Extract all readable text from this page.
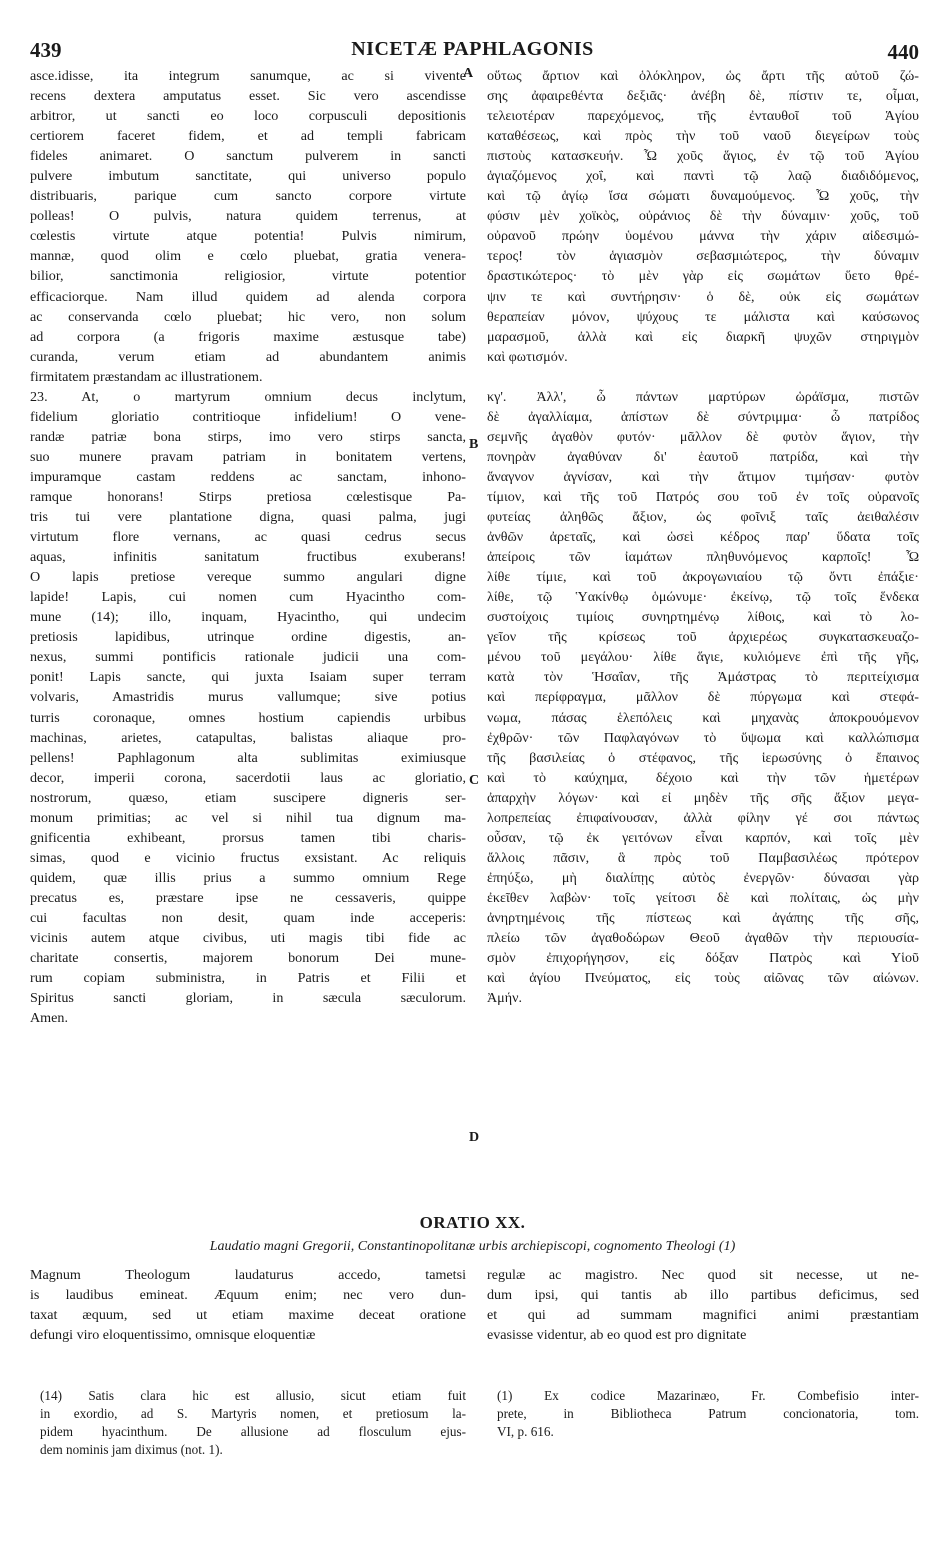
439	NICETÆ PAPHLAGONIS	440
A
B
C
D
asce.idisse, ita integrum sanumque, ac si vivente
recens dextera amputatus esset. Sic vero ascendisse
arbitror, ut sancti eo loco corpusculi depositionis
certiorem faceret fidem, et ad templi fabricam
fideles animaret. O sanctum pulverem in sancti
pulvere imbutum sanctitate, qui universo populo
distribuaris, parique cum sancto corpore virtute
polleas! O pulvis, natura quidem terrenus, at
cœlestis virtute atque potentia! Pulvis nimirum,
mannæ, quod olim e cœlo pluebat, gratia venera-
bilior, sanctimonia religiosior, virtute potentior
efficaciorque. Nam illud quidem ad alenda corpora
ac conservanda cœlo pluebat; hic vero, non solum
ad corpora (a frigoris maxime æstusque tabe)
curanda, verum etiam ad abundantem animis
firmitatem præstandam ac illustrationem.
23. At, o martyrum omnium decus inclytum,
fidelium gloriatio contritioque infidelium! O vene-
randæ patriæ bona stirps, imo vero stirps sancta,
suo munere pravam patriam in bonitatem vertens,
impuramque castam reddens ac sanctam, inhono-
ramque honorans! Stirps pretiosa cœlestisque Pa-
tris tui vere plantatione digna, quasi palma, jugi
virtutum flore vernans, ac quasi cedrus secus
aquas, infinitis sanitatum fructibus exuberans!
O lapis pretiose vereque summo angulari digne
lapide! Lapis, cui nomen cum Hyacintho com-
mune (14); illo, inquam, Hyacintho, qui undecim
pretiosis lapidibus, utrinque ordine digestis, an-
nexus, summi pontificis rationale judicii una com-
ponit! Lapis sancte, qui juxta Isaiam super terram
volvaris, Amastridis murus vallumque; sive potius
turris coronaque, omnes hostium capiendis urbibus
machinas, arietes, catapultas, balistas aliaque pro-
pellens! Paphlagonum alta sublimitas eximiusque
decor, imperii corona, sacerdotii laus ac gloriatio,
nostrorum, quæso, etiam suscipere digneris ser-
monum primitias; ac vel si nihil tua dignum ma-
gnificentia exhibeant, prorsus tamen tibi charis-
simas, quod e vicinio fructus exsistant. Ac reliquis
quidem, quæ illis prius a summo omnium Rege
precatus es, præstare ipse ne cessaveris, quippe
cui facultas non desit, quam inde acceperis:
vicinis autem atque civibus, uti magis tibi fide ac
charitate consertis, majorem bonorum Dei mune-
rum copiam subministra, in Patris et Filii et
Spiritus sancti gloriam, in sæcula sæculorum.
Amen.
οὕτως ἄρτιον καὶ ὁλόκληρον, ὡς ἄρτι τῆς αὐτοῦ ζώ-
σης ἀφαιρεθέντα δεξιᾶς· ἀνέβη δὲ, πίστιν τε, οἶμαι,
τελειοτέραν παρεχόμενος, τῆς ἐνταυθοῖ τοῦ Ἁγίου
καταθέσεως, καὶ πρὸς τὴν τοῦ ναοῦ διεγείρων τοὺς
πιστοὺς κατασκευήν. Ὦ χοῦς ἅγιος, ἐν τῷ τοῦ Ἁγίου
ἁγιαζόμενος χοΐ, καὶ παντὶ τῷ λαῷ διαδιδόμενος,
καὶ τῷ ἁγίῳ ἴσα σώματι δυναμούμενος. Ὦ χοῦς, τὴν
φύσιν μὲν χοϊκὸς, οὐράνιος δὲ τὴν δύναμιν· χοῦς, τοῦ
οὐρανοῦ πρώην ὑομένου μάννα τὴν χάριν αἰδεσιμώ-
τερος! τὸν ἁγιασμὸν σεβασμιώτερος, τὴν δύναμιν
δραστικώτερος· τὸ μὲν γὰρ εἰς σωμάτων ὕετο θρέ-
ψιν τε καὶ συντήρησιν· ὁ δὲ, οὐκ εἰς σωμάτων
θεραπείαν μόνον, ψύχους τε μάλιστα καὶ καύσωνος
μαρασμοῦ, ἀλλὰ καὶ εἰς διαρκῆ ψυχῶν στηριγμὸν
καὶ φωτισμόν.

κγ'. Ἀλλ', ὦ πάντων μαρτύρων ὡράϊσμα, πιστῶν
δὲ ἀγαλλίαμα, ἀπίστων δὲ σύντριμμα· ὦ πατρίδος
σεμνῆς ἀγαθὸν φυτόν· μᾶλλον δὲ φυτὸν ἅγιον, τὴν
πονηρὰν ἀγαθύναν δι' ἑαυτοῦ πατρίδα, καὶ τὴν
ἄναγνον ἁγνίσαν, καὶ τὴν ἄτιμον τιμήσαν· φυτὸν
τίμιον, καὶ τῆς τοῦ Πατρός σου τοῦ ἐν τοῖς οὐρανοῖς
φυτείας ἀληθῶς ἄξιον, ὡς φοῖνιξ ταῖς ἀειθαλέσιν
ἀνθῶν ἀρεταῖς, καὶ ὡσεὶ κέδρος παρ' ὕδατα τοῖς
ἀπείροις τῶν ἰαμάτων πληθυνόμενος καρποῖς! Ὦ
λίθε τίμιε, καὶ τοῦ ἀκρογωνιαίου τῷ ὄντι ἐπάξιε·
λίθε, τῷ Ὑακίνθῳ ὁμώνυμε· ἐκείνῳ, τῷ τοῖς ἕνδεκα
συστοίχοις τιμίοις συνηρτημένῳ λίθοις, καὶ τὸ λο-
γεῖον τῆς κρίσεως τοῦ ἀρχιερέως συγκατασκευαζο-
μένου τοῦ μεγάλου· λίθε ἅγιε, κυλιόμενε ἐπὶ τῆς γῆς,
κατὰ τὸν Ἡσαΐαν, τῆς Ἀμάστρας τὸ περιτείχισμα
καὶ περίφραγμα, μᾶλλον δὲ πύργωμα καὶ στεφά-
νωμα, πάσας ἑλεπόλεις καὶ μηχανὰς ἀποκρουόμενον
ἐχθρῶν· τῶν Παφλαγόνων τὸ ὕψωμα καὶ καλλώπισμα
τῆς βασιλείας ὁ στέφανος, τῆς ἱερωσύνης ὁ ἔπαινος
καὶ τὸ καύχημα, δέχοιο καὶ τὴν τῶν ἡμετέρων
ἀπαρχὴν λόγων· καὶ εἰ μηδὲν τῆς σῆς ἄξιον μεγα-
λοπρεπείας ἐπιφαίνουσαν, ἀλλὰ φίλην γέ σοι πάντως
οὖσαν, τῷ ἐκ γειτόνων εἶναι καρπόν, καὶ τοῖς μὲν
ἄλλοις πᾶσιν, ἃ πρὸς τοῦ Παμβασιλέως πρότερον
ἐπηύξω, μὴ διαλίπῃς αὐτὸς ἐνεργῶν· δύνασαι γὰρ
ἐκεῖθεν λαβὼν· τοῖς γείτοσι δὲ καὶ πολίταις, ὡς μὴν
ἀνηρτημένοις τῆς πίστεως καὶ ἀγάπης τῆς σῆς,
πλείω τῶν ἀγαθοδώρων Θεοῦ ἀγαθῶν τὴν περιουσία-
σμὸν ἐπιχορήγησον, εἰς δόξαν Πατρὸς καὶ Υἱοῦ
καὶ ἁγίου Πνεύματος, εἰς τοὺς αἰῶνας τῶν αἰώνων.
Ἀμήν.
ORATIO XX.
Laudatio magni Gregorii, Constantinopolitanæ urbis archiepiscopi, cognomento Theologi (1)
Magnum Theologum laudaturus accedo, tametsi
is laudibus emineat. Æquum enim; nec vero dun-
taxat æquum, sed ut etiam maxime deceat oratione
defungi viro eloquentissimo, omnisque eloquentiæ
regulæ ac magistro. Nec quod sit necesse, ut ne-
dum ipsi, qui tantis ab illo partibus deficimus, sed
et qui ad summam magnifici animi præstantiam
evasisse videntur, ab eo quod est pro dignitate
(14) Satis clara hic est allusio, sicut etiam fuit
in exordio, ad S. Martyris nomen, et pretiosum la-
pidem hyacinthum. De allusione ad flosculum ejus-
dem nominis jam diximus (not. 1).
(1) Ex codice Mazarinæo, Fr. Combefisio inter-
prete, in Bibliotheca Patrum concionatoria, tom.
VI, p. 616.
